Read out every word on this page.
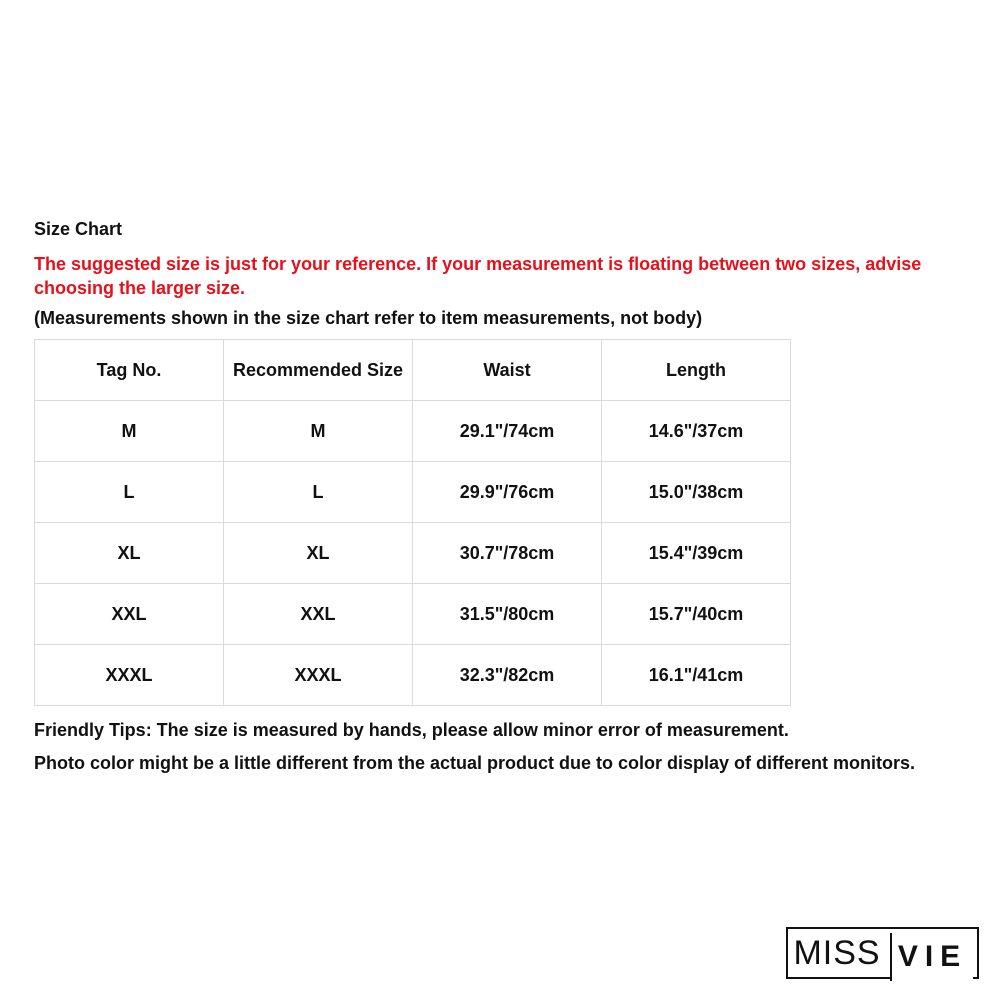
Size Chart
The suggested size is just for your reference. If your measurement is floating between two sizes, advise choosing the larger size.
(Measurements shown in the size chart refer to item measurements, not body)
Tag No.	Recommended Size	Waist	Length
M	M	29.1"/74cm	14.6"/37cm
L	L	29.9"/76cm	15.0"/38cm
XL	XL	30.7"/78cm	15.4"/39cm
XXL	XXL	31.5"/80cm	15.7"/40cm
XXXL	XXXL	32.3"/82cm	16.1"/41cm
Friendly Tips: The size is measured by hands, please allow minor error of measurement.
Photo color might be a little different from the actual product due to color display of different monitors.
MISS VIE
